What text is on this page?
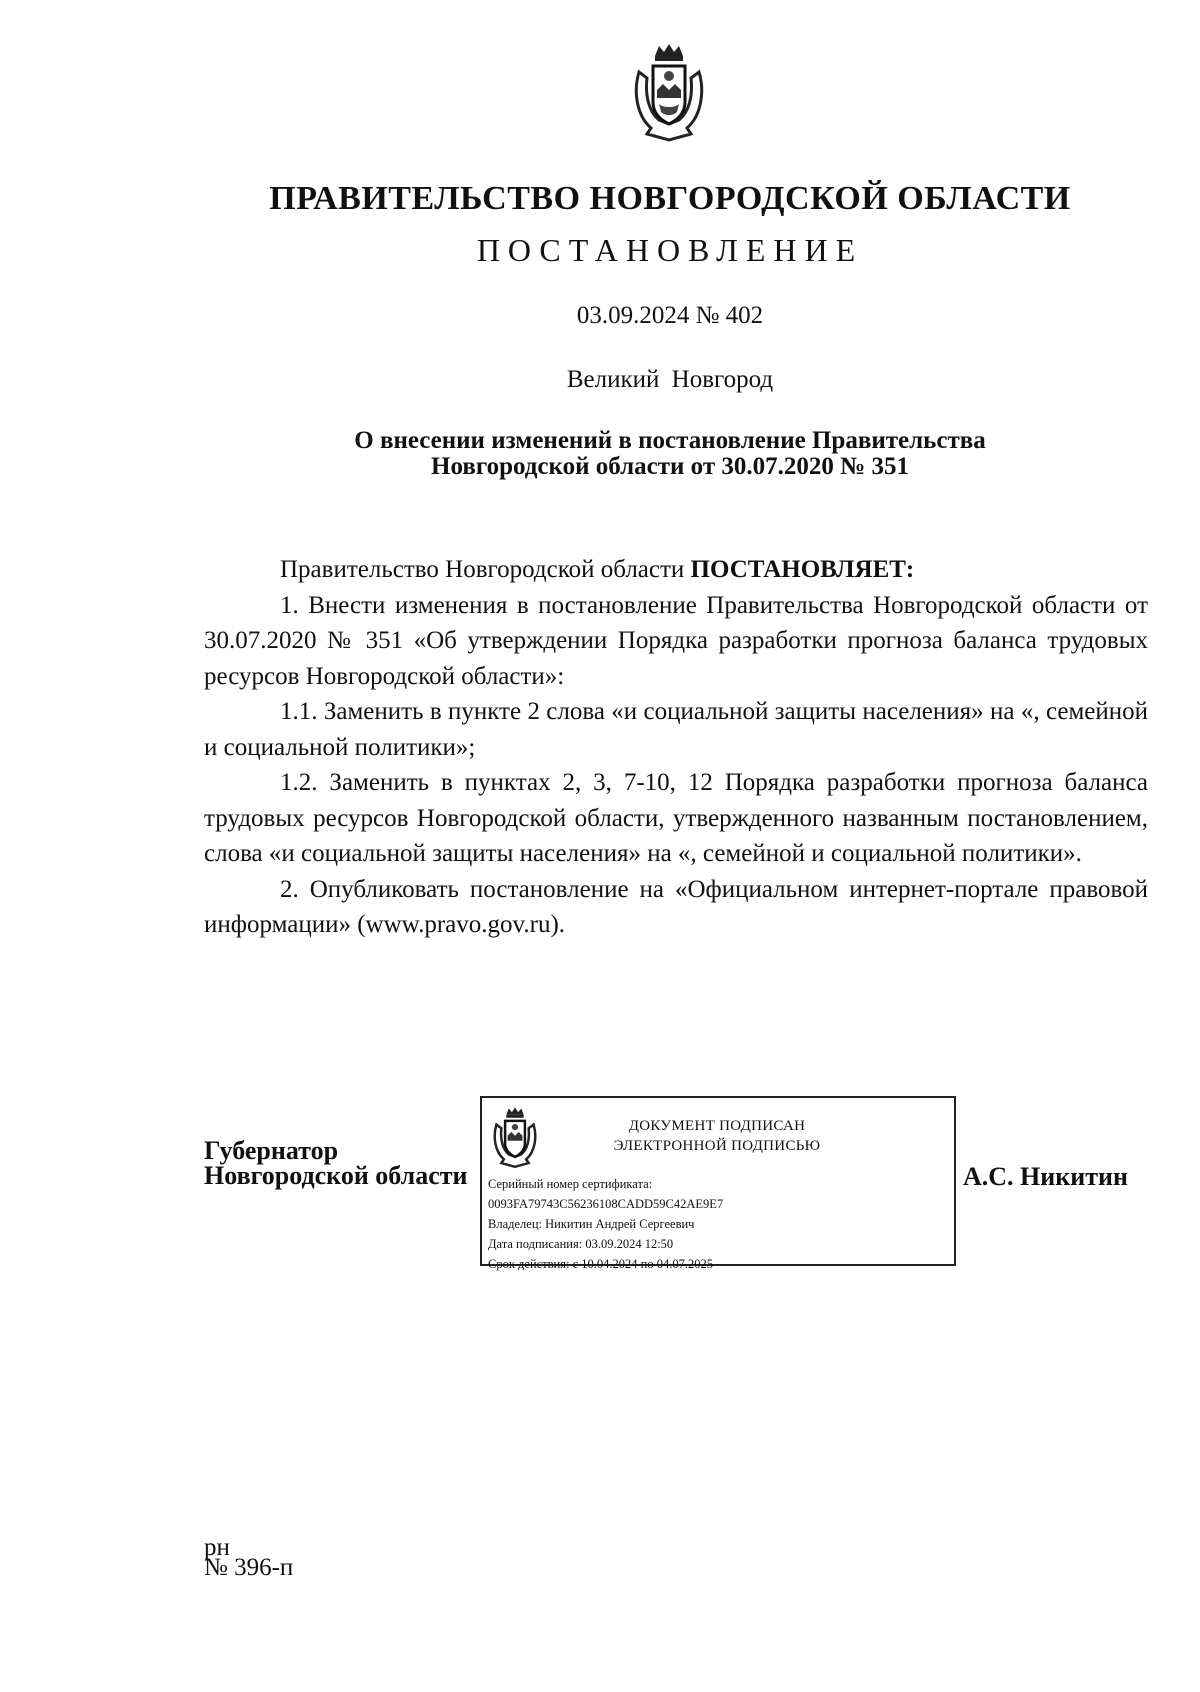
ПРАВИТЕЛЬСТВО НОВГОРОДСКОЙ ОБЛАСТИ
ПОСТАНОВЛЕНИЕ
03.09.2024 № 402
Великий Новгород
О внесении изменений в постановление Правительства
Новгородской области от 30.07.2020 № 351

Правительство Новгородской области ПОСТАНОВЛЯЕТ:

1. Внести изменения в постановление Правительства Новгородской области от 30.07.2020 № 351 «Об утверждении Порядка разработки прогноза баланса трудовых ресурсов Новгородской области»:

1.1. Заменить в пункте 2 слова «и социальной защиты населения» на «, семейной и социальной политики»;

1.2. Заменить в пунктах 2, 3, 7-10, 12 Порядка разработки прогноза баланса трудовых ресурсов Новгородской области, утвержденного названным постановлением, слова «и социальной защиты населения» на «, семейной и социальной политики».

2. Опубликовать постановление на «Официальном интернет-портале правовой информации» (www.pravo.gov.ru).

Губернатор
Новгородской области
ДОКУМЕНТ ПОДПИСАН
ЭЛЕКТРОННОЙ ПОДПИСЬЮ
Серийный номер сертификата:
0093FA79743C56236108CADD59C42AE9E7
Владелец: Никитин Андрей Сергеевич
Дата подписания: 03.09.2024 12:50
Срок действия: с 10.04.2024 по 04.07.2025
А.С. Никитин
рн
№ 396-п
